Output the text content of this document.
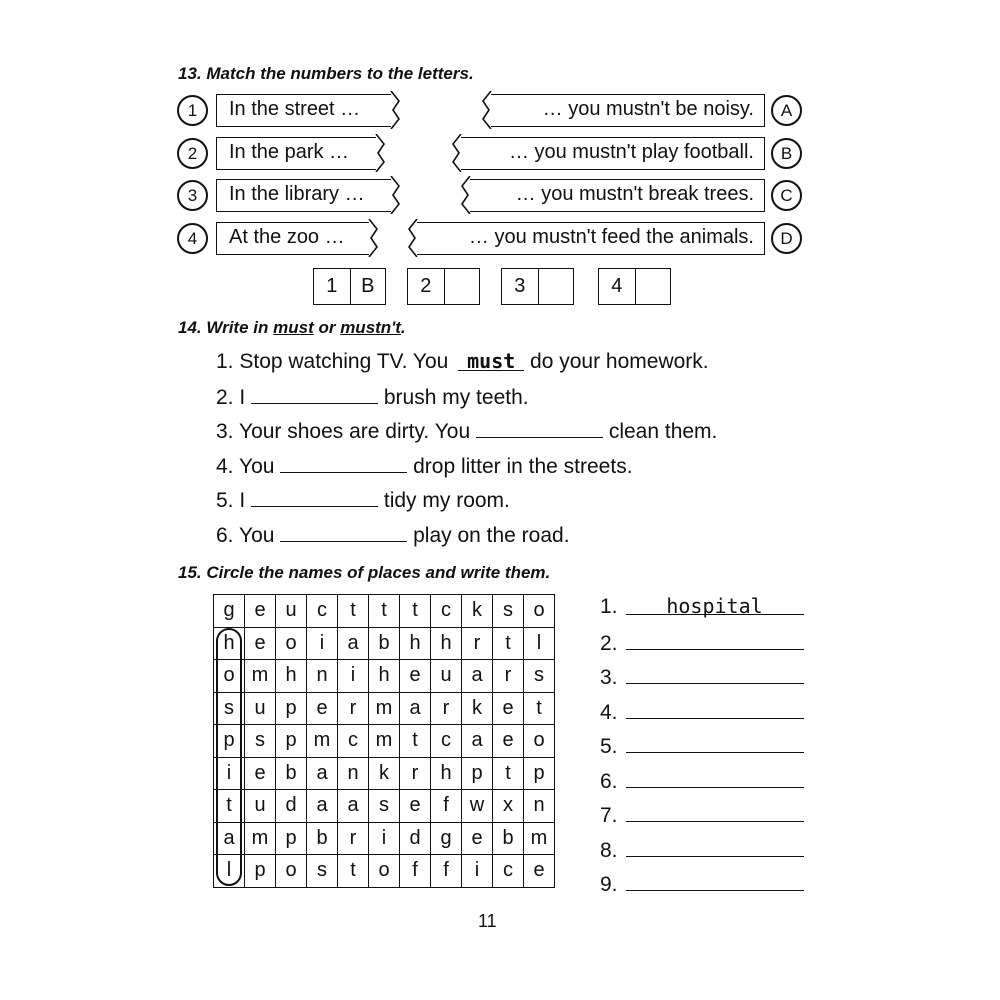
13. Match the numbers to the letters.
1	In the street …	… you mustn't be noisy.	A
2	In the park …	… you mustn't play football.	B
3	In the library …	… you mustn't break trees.	C
4	At the zoo …	… you mustn't feed the animals.	D
1	B	2	3	4
14. Write in must or mustn't.
1. Stop watching TV. You must do your homework.
2. I	brush my teeth.
3. Your shoes are dirty. You	clean them.
4. You	drop litter in the streets.
5. I	tidy my room.
6. You	play on the road.
15. Circle the names of places and write them.
g	e	u	c	t	t	t	c	k	s	o
h	e	o	i	a	b	h	h	r	t	l
o	m	h	n	i	h	e	u	a	r	s
s	u	p	e	r	m	a	r	k	e	t
p	s	p	m	c	m	t	c	a	e	o
i	e	b	a	n	k	r	h	p	t	p
t	u	d	a	a	s	e	f	w	x	n
a	m	p	b	r	i	d	g	e	b	m
l	p	o	s	t	o	f	f	i	c	e
1. hospital
2.
3.
4.
5.
6.
7.
8.
9.
11
